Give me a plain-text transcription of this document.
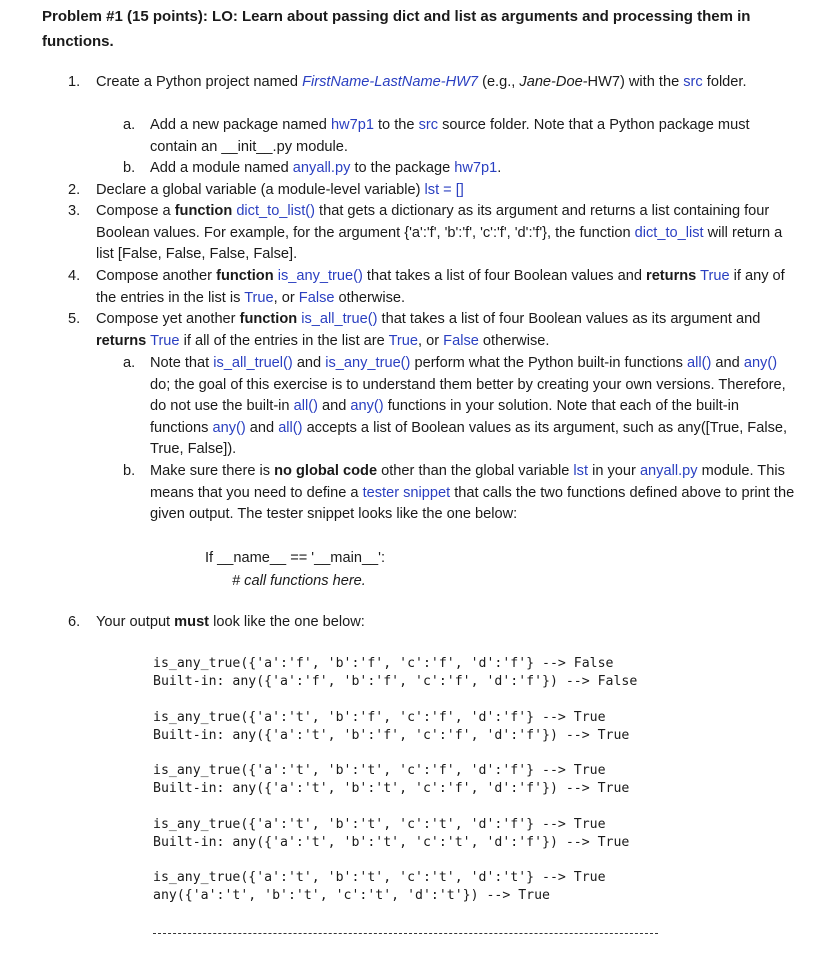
Problem #1 (15 points): LO: Learn about passing dict and list as arguments and processing them in functions.
1. Create a Python project named FirstName-LastName-HW7 (e.g., Jane-Doe-HW7) with the src folder.
a. Add a new package named hw7p1 to the src source folder. Note that a Python package must contain an __init__.py module.
b. Add a module named anyall.py to the package hw7p1.
2. Declare a global variable (a module-level variable) lst = []
3. Compose a function dict_to_list() that gets a dictionary as its argument and returns a list containing four Boolean values. For example, for the argument {'a':'f', 'b':'f', 'c':'f', 'd':'f'}, the function dict_to_list will return a list [False, False, False, False].
4. Compose another function is_any_true() that takes a list of four Boolean values and returns True if any of the entries in the list is True, or False otherwise.
5. Compose yet another function is_all_true() that takes a list of four Boolean values as its argument and returns True if all of the entries in the list are True, or False otherwise.
a. Note that is_all_truel() and is_any_true() perform what the Python built-in functions all() and any() do; the goal of this exercise is to understand them better by creating your own versions. Therefore, do not use the built-in all() and any() functions in your solution. Note that each of the built-in functions any() and all() accepts a list of Boolean values as its argument, such as any([True, False, True, False]).
b. Make sure there is no global code other than the global variable lst in your anyall.py module. This means that you need to define a tester snippet that calls the two functions defined above to print the given output. The tester snippet looks like the one below:
If __name__ == '__main__':
# call functions here.
6. Your output must look like the one below:
is_any_true({'a':'f', 'b':'f', 'c':'f', 'd':'f'} --> False
Built-in: any({'a':'f', 'b':'f', 'c':'f', 'd':'f'}) --> False
is_any_true({'a':'t', 'b':'f', 'c':'f', 'd':'f'} --> True
Built-in: any({'a':'t', 'b':'f', 'c':'f', 'd':'f'}) --> True
is_any_true({'a':'t', 'b':'t', 'c':'f', 'd':'f'} --> True
Built-in: any({'a':'t', 'b':'t', 'c':'f', 'd':'f'}) --> True
is_any_true({'a':'t', 'b':'t', 'c':'t', 'd':'f'} --> True
Built-in: any({'a':'t', 'b':'t', 'c':'t', 'd':'f'}) --> True
is_any_true({'a':'t', 'b':'t', 'c':'t', 'd':'t'} --> True
any({'a':'t', 'b':'t', 'c':'t', 'd':'t'}) --> True
